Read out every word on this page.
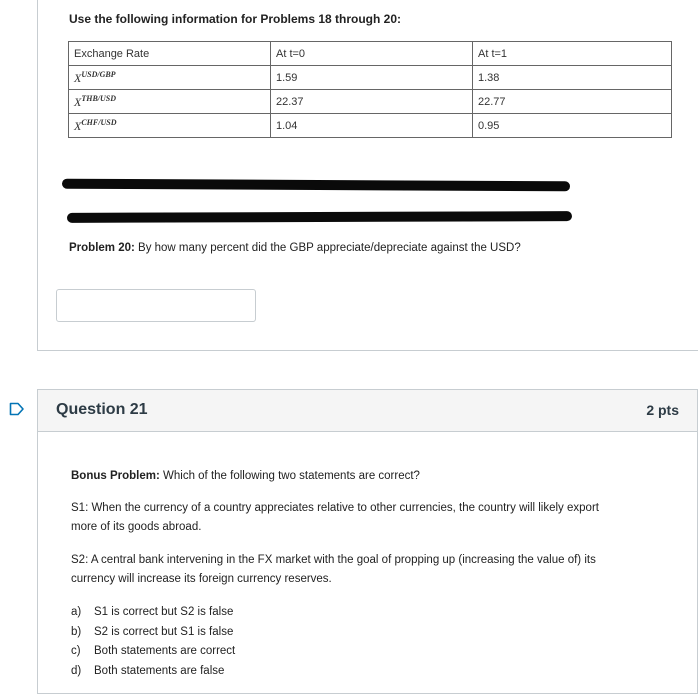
Use the following information for Problems 18 through 20:
Exchange Rate	At t=0	At t=1
$X^{USD/GBP}$	1.59	1.38
$X^{THB/USD}$	22.37	22.77
$X^{CHF/USD}$	1.04	0.95
Problem 20: By how many percent did the GBP appreciate/depreciate against the USD?
Question 21	2 pts
Bonus Problem: Which of the following two statements are correct?
S1: When the currency of a country appreciates relative to other currencies, the country will likely export
more of its goods abroad.
S2: A central bank intervening in the FX market with the goal of propping up (increasing the value of) its
currency will increase its foreign currency reserves.
a) S1 is correct but S2 is false
b) S2 is correct but S1 is false
c) Both statements are correct
d) Both statements are false
